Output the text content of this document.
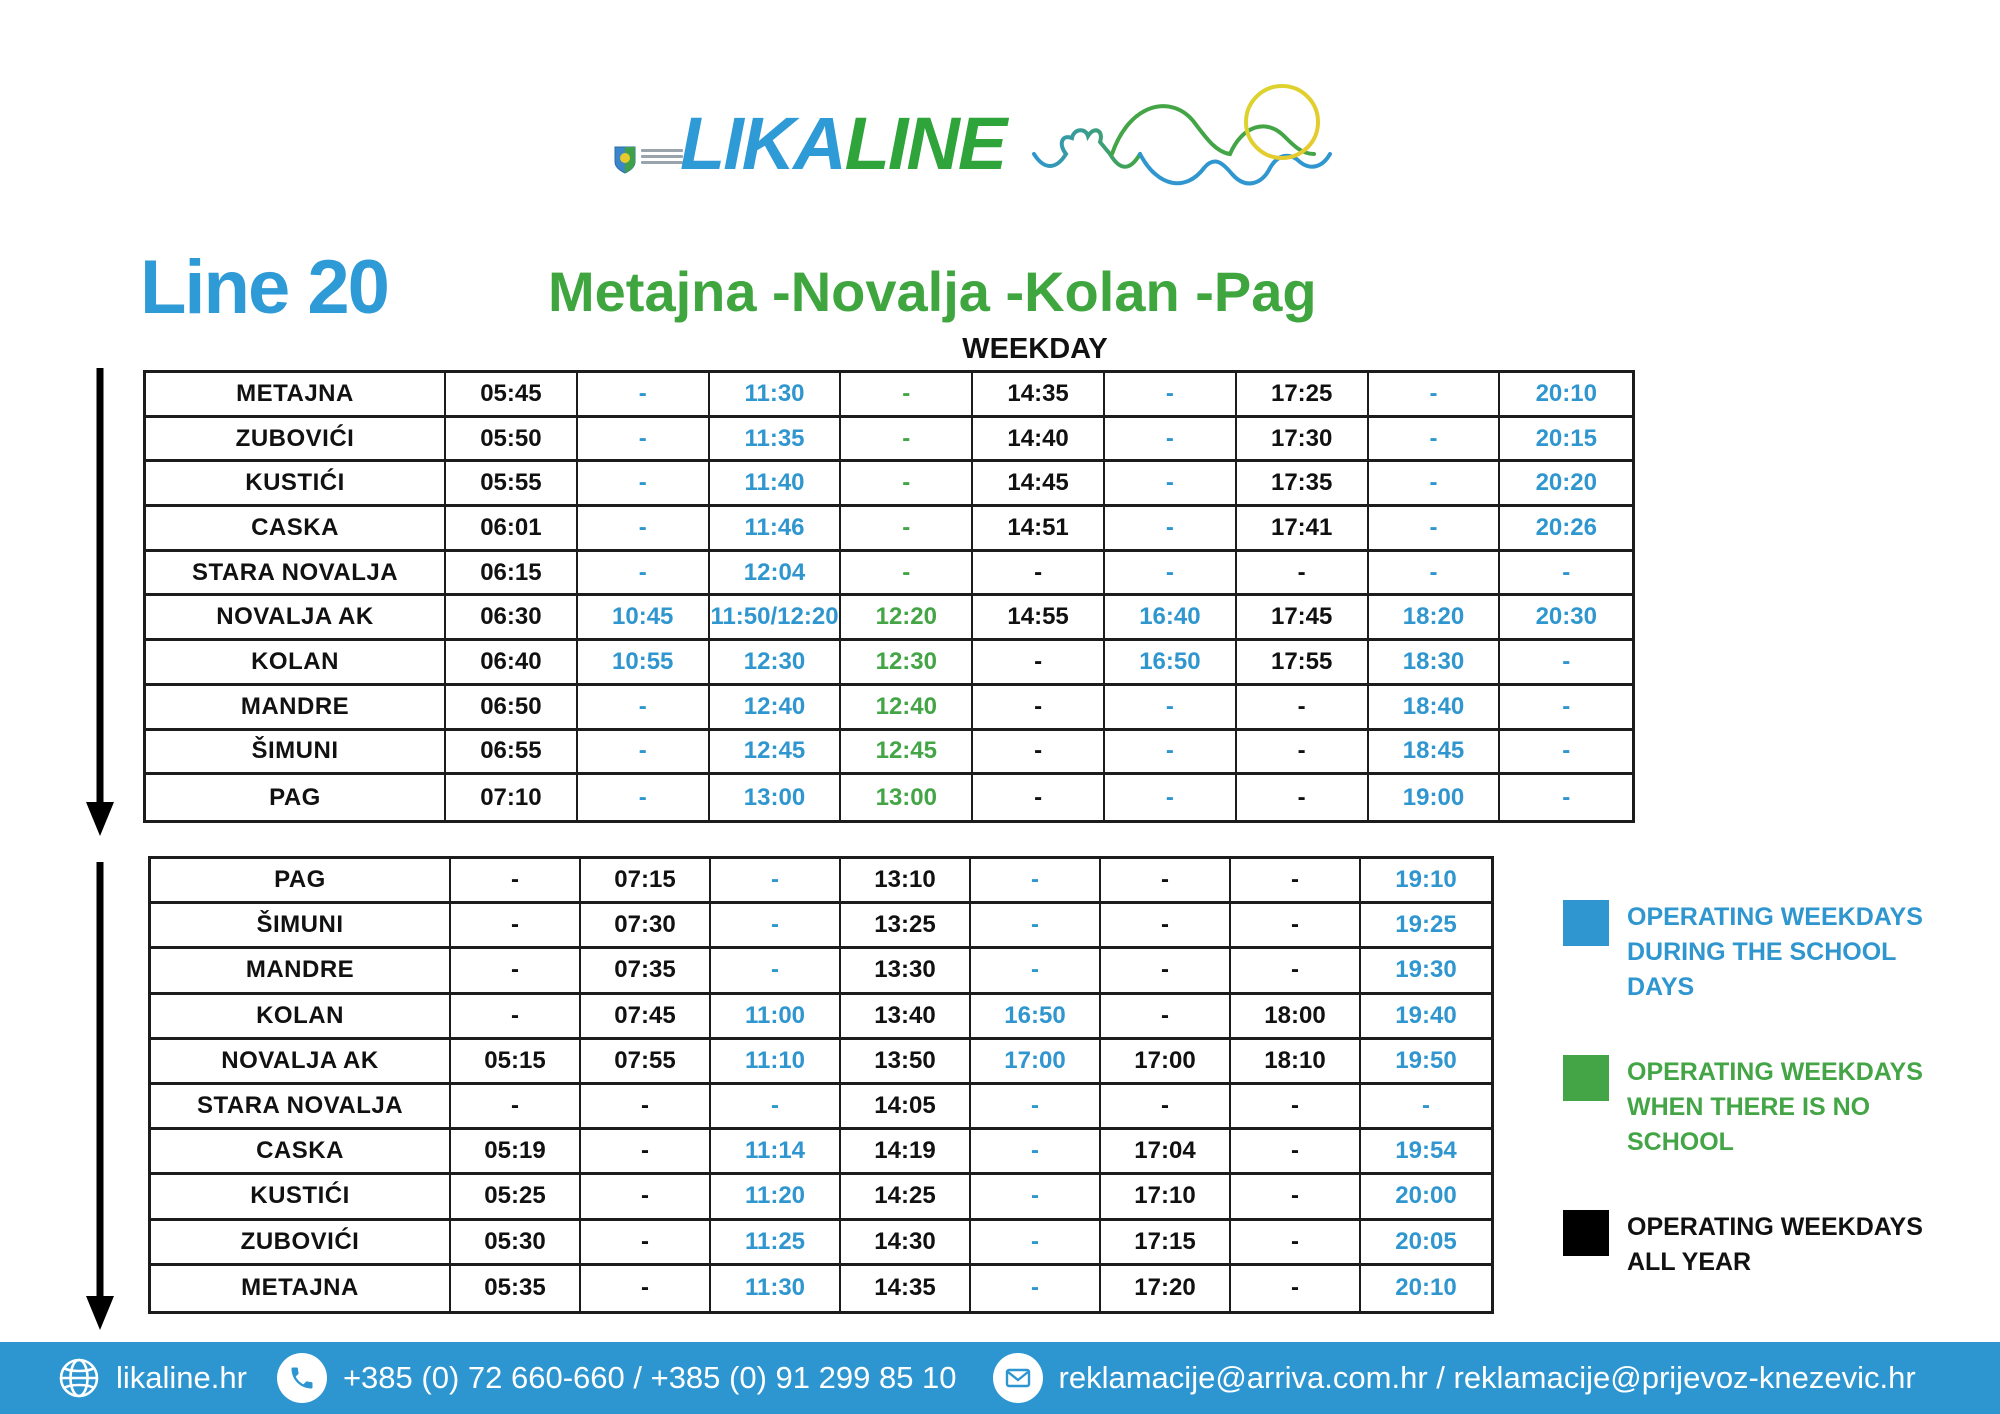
LIKALINE
Line 20	Metajna -Novalja -Kolan -Pag
WEEKDAY
METAJNA	05:45	-	11:30	-	14:35	-	17:25	-	20:10
ZUBOVIĆI	05:50	-	11:35	-	14:40	-	17:30	-	20:15
KUSTIĆI	05:55	-	11:40	-	14:45	-	17:35	-	20:20
CASKA	06:01	-	11:46	-	14:51	-	17:41	-	20:26
STARA NOVALJA	06:15	-	12:04	-	-	-	-	-	-
NOVALJA AK	06:30	10:45	11:50/12:20	12:20	14:55	16:40	17:45	18:20	20:30
KOLAN	06:40	10:55	12:30	12:30	-	16:50	17:55	18:30	-
MANDRE	06:50	-	12:40	12:40	-	-	-	18:40	-
ŠIMUNI	06:55	-	12:45	12:45	-	-	-	18:45	-
PAG	07:10	-	13:00	13:00	-	-	-	19:00	-
PAG	-	07:15	-	13:10	-	-	-	19:10
ŠIMUNI	-	07:30	-	13:25	-	-	-	19:25
MANDRE	-	07:35	-	13:30	-	-	-	19:30
KOLAN	-	07:45	11:00	13:40	16:50	-	18:00	19:40
NOVALJA AK	05:15	07:55	11:10	13:50	17:00	17:00	18:10	19:50
STARA NOVALJA	-	-	-	14:05	-	-	-	-
CASKA	05:19	-	11:14	14:19	-	17:04	-	19:54
KUSTIĆI	05:25	-	11:20	14:25	-	17:10	-	20:00
ZUBOVIĆI	05:30	-	11:25	14:30	-	17:15	-	20:05
METAJNA	05:35	-	11:30	14:35	-	17:20	-	20:10
OPERATING WEEKDAYS DURING THE SCHOOL DAYS
OPERATING WEEKDAYS WHEN THERE IS NO SCHOOL
OPERATING WEEKDAYS ALL YEAR
likaline.hr	+385 (0) 72 660-660 / +385 (0) 91 299 85 10	reklamacije@arriva.com.hr / reklamacije@prijevoz-knezevic.hr
